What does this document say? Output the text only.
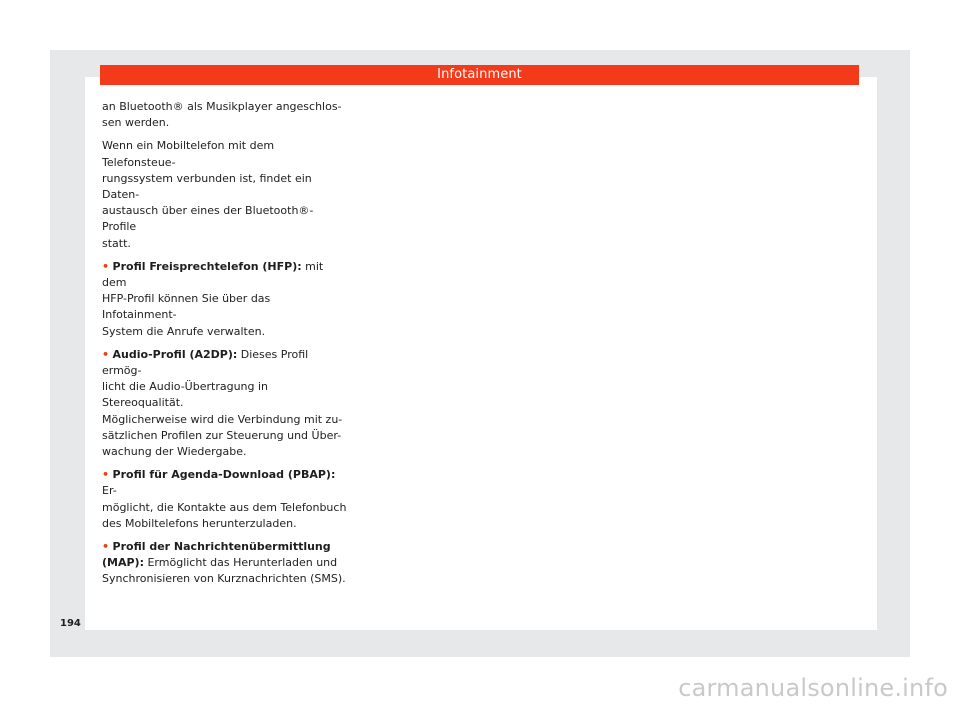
Infotainment

an Bluetooth® als Musikplayer angeschlos-
sen werden.

Wenn ein Mobiltelefon mit dem Telefonsteue-
rungssystem verbunden ist, findet ein Daten-
austausch über eines der Bluetooth®-Profile
statt.

• Profil Freisprechtelefon (HFP): mit dem
HFP-Profil können Sie über das Infotainment-
System die Anrufe verwalten.
• Audio-Profil (A2DP): Dieses Profil ermög-
licht die Audio-Übertragung in Stereoqualität.
Möglicherweise wird die Verbindung mit zu-
sätzlichen Profilen zur Steuerung und Über-
wachung der Wiedergabe.
• Profil für Agenda-Download (PBAP): Er-
möglicht, die Kontakte aus dem Telefonbuch
des Mobiltelefons herunterzuladen.
• Profil der Nachrichtenübermittlung
(MAP): Ermöglicht das Herunterladen und
Synchronisieren von Kurznachrichten (SMS).
194
carmanualsonline.info
